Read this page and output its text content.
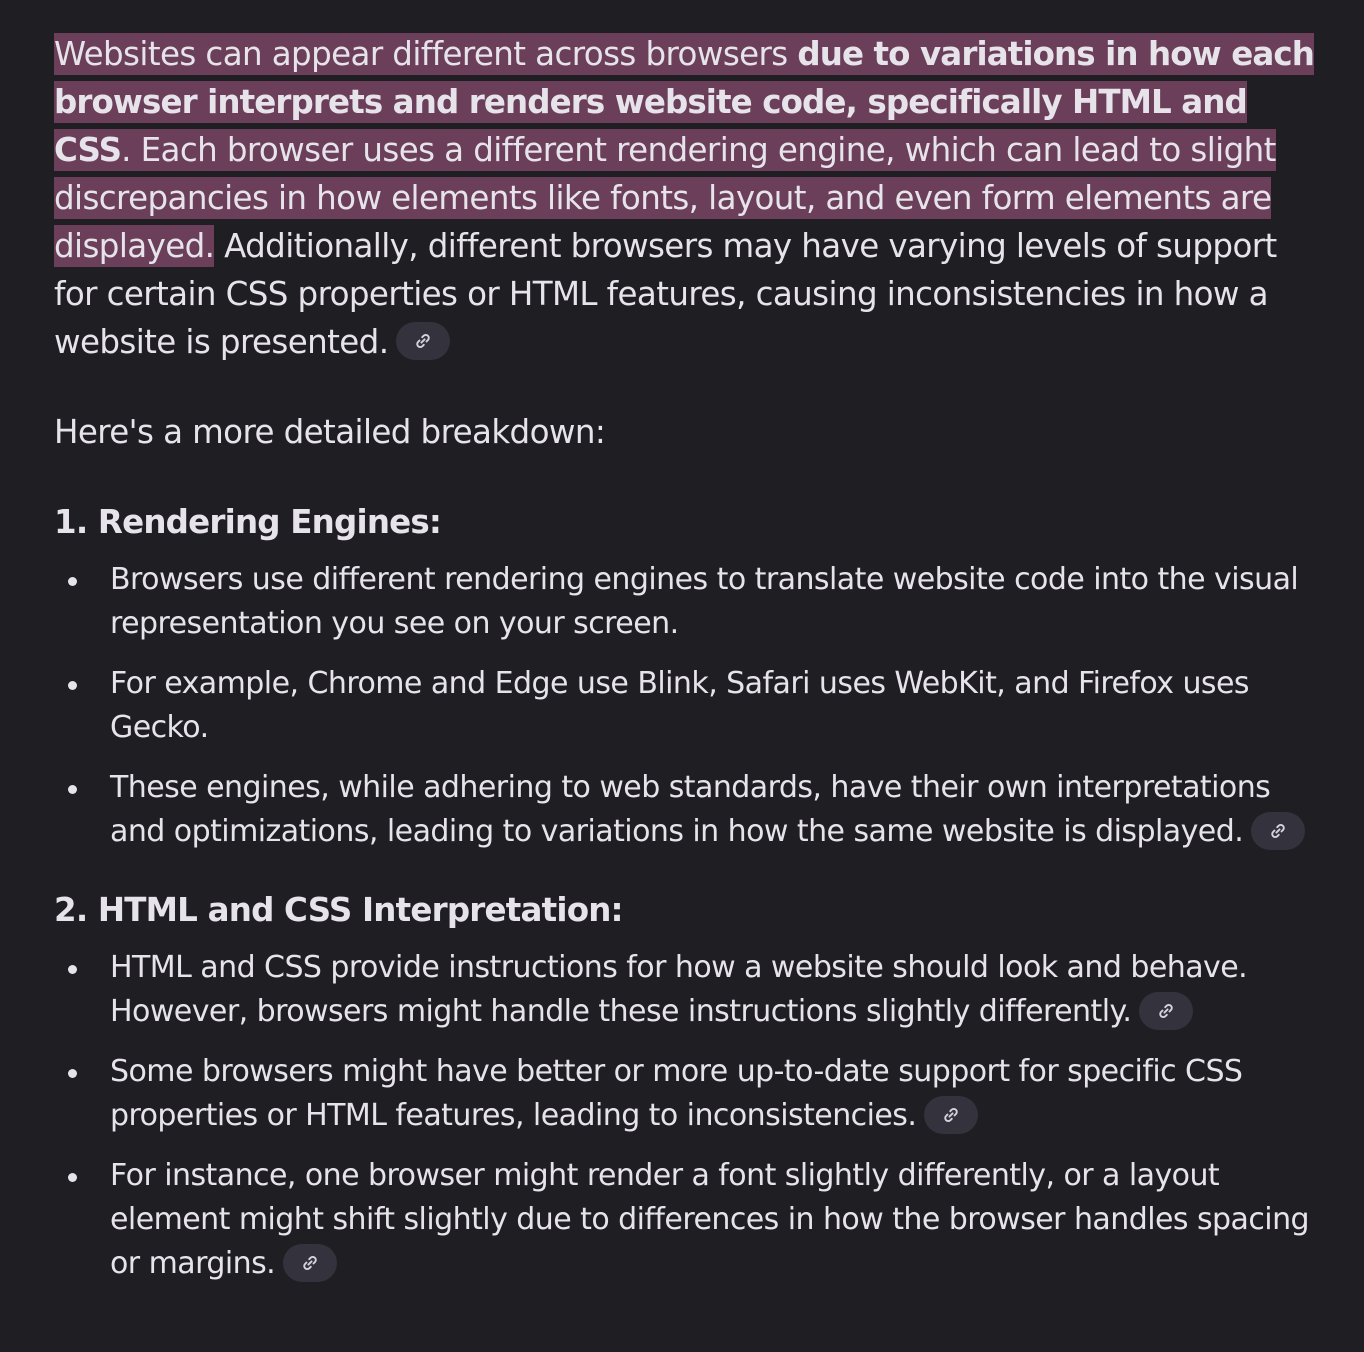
Websites can appear different across browsers due to variations in how each browser interprets and renders website code, specifically HTML and CSS. Each browser uses a different rendering engine, which can lead to slight discrepancies in how elements like fonts, layout, and even form elements are displayed. Additionally, different browsers may have varying levels of support for certain CSS properties or HTML features, causing inconsistencies in how a website is presented.

Here's a more detailed breakdown:

1. Rendering Engines:
Browsers use different rendering engines to translate website code into the visual representation you see on your screen.
For example, Chrome and Edge use Blink, Safari uses WebKit, and Firefox uses Gecko.
These engines, while adhering to web standards, have their own interpretations and optimizations, leading to variations in how the same website is displayed.
2. HTML and CSS Interpretation:
HTML and CSS provide instructions for how a website should look and behave. However, browsers might handle these instructions slightly differently.
Some browsers might have better or more up-to-date support for specific CSS properties or HTML features, leading to inconsistencies.
For instance, one browser might render a font slightly differently, or a layout element might shift slightly due to differences in how the browser handles spacing or margins.
